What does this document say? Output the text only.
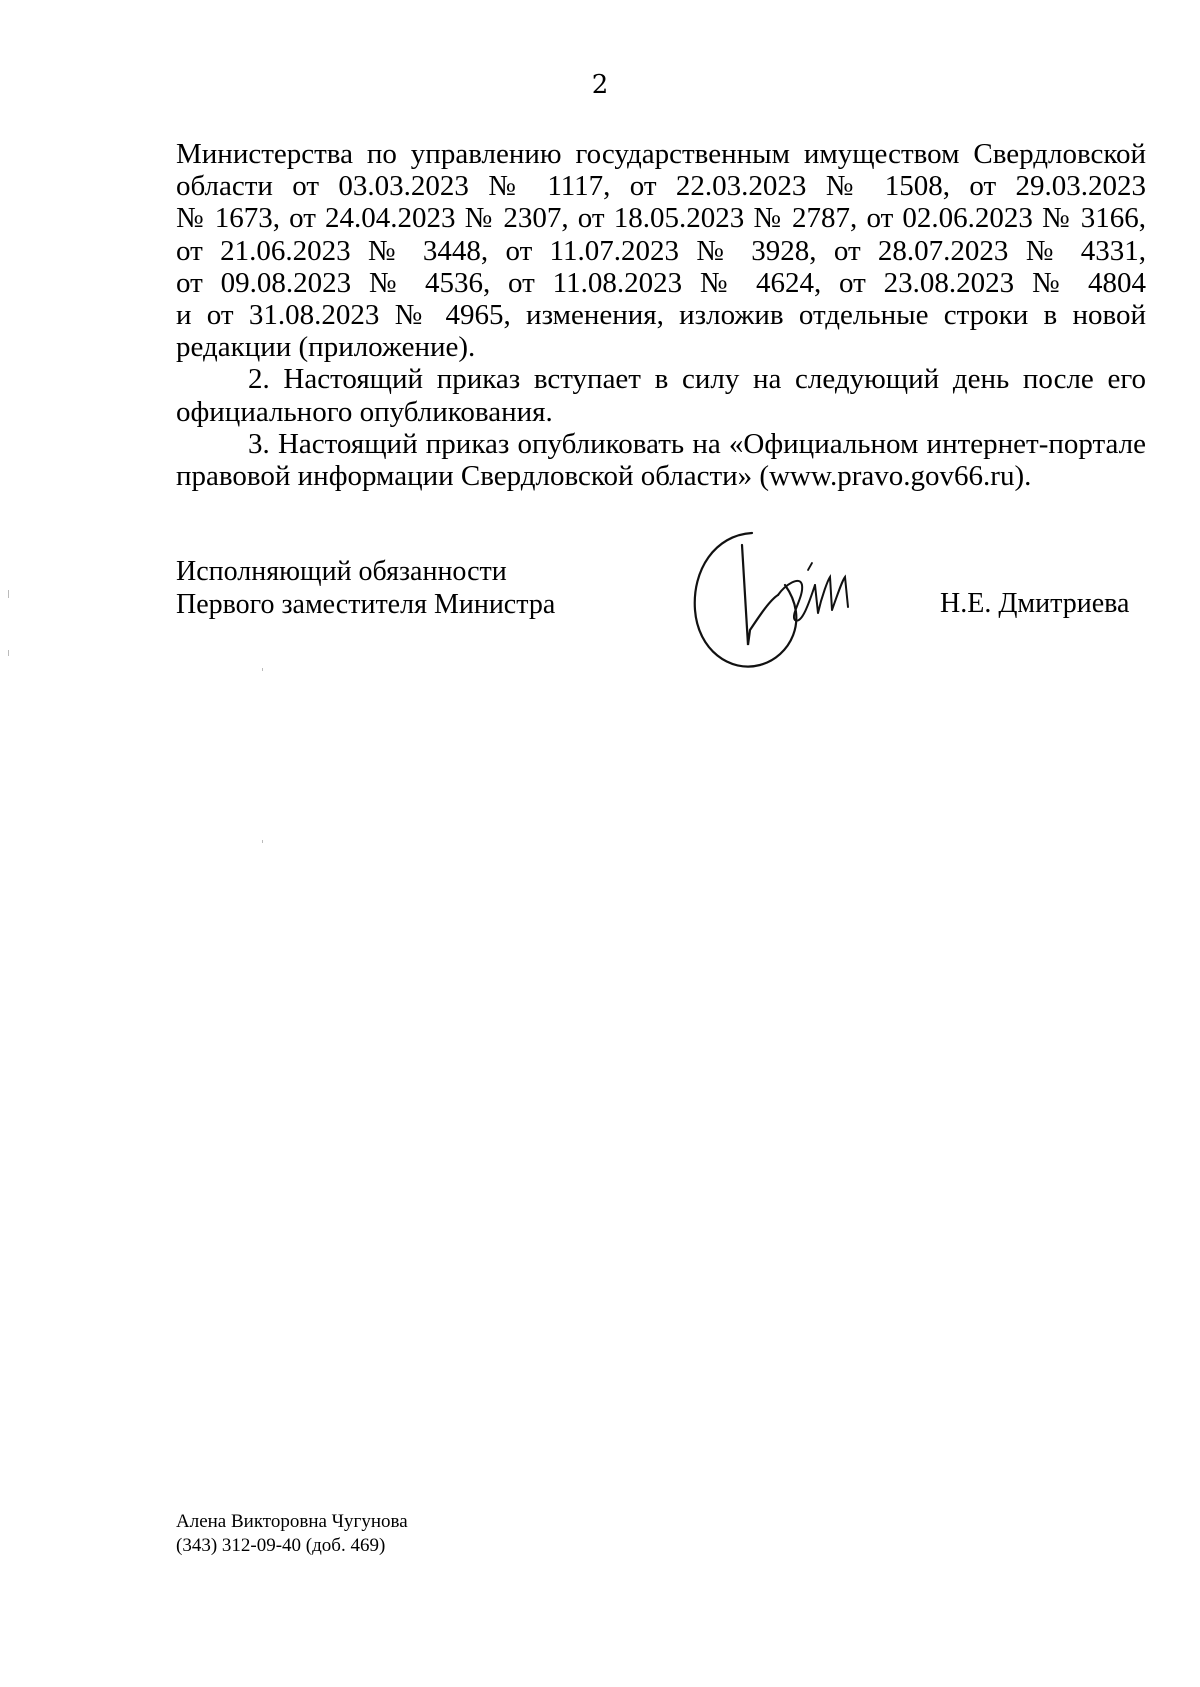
2
Министерства по управлению государственным имуществом Свердловской
области от 03.03.2023 № 1117, от 22.03.2023 № 1508, от 29.03.2023
№ 1673, от 24.04.2023 № 2307, от 18.05.2023 № 2787, от 02.06.2023 № 3166,
от 21.06.2023 № 3448, от 11.07.2023 № 3928, от 28.07.2023 № 4331,
от 09.08.2023 № 4536, от 11.08.2023 № 4624, от 23.08.2023 № 4804
и от 31.08.2023 № 4965, изменения, изложив отдельные строки в новой
редакции (приложение).
2. Настоящий приказ вступает в силу на следующий день после его
официального опубликования.
3. Настоящий приказ опубликовать на «Официальном интернет-портале
правовой информации Свердловской области» (www.pravo.gov66.ru).
Исполняющий обязанности
Первого заместителя Министра	Н.Е. Дмитриева
Алена Викторовна Чугунова
(343) 312-09-40 (доб. 469)
